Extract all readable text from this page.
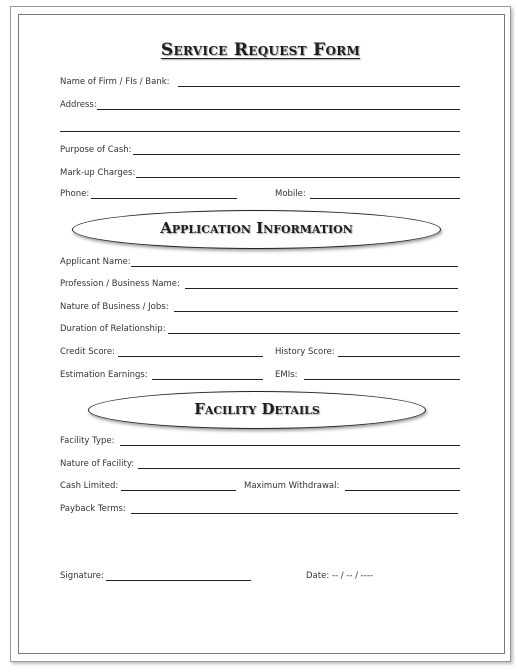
Service Request Form
Name of Firm / FIs / Bank:
Address:
Purpose of Cash:
Mark-up Charges:
Phone:	Mobile:
Application Information
Applicant Name:
Profession / Business Name:
Nature of Business / Jobs:
Duration of Relationship:
Credit Score:	History Score:
Estimation Earnings:	EMIs:
Facility Details
Facility Type:
Nature of Facility:
Cash Limited:	Maximum Withdrawal:
Payback Terms:
Signature:	Date: -- / -- / ----
